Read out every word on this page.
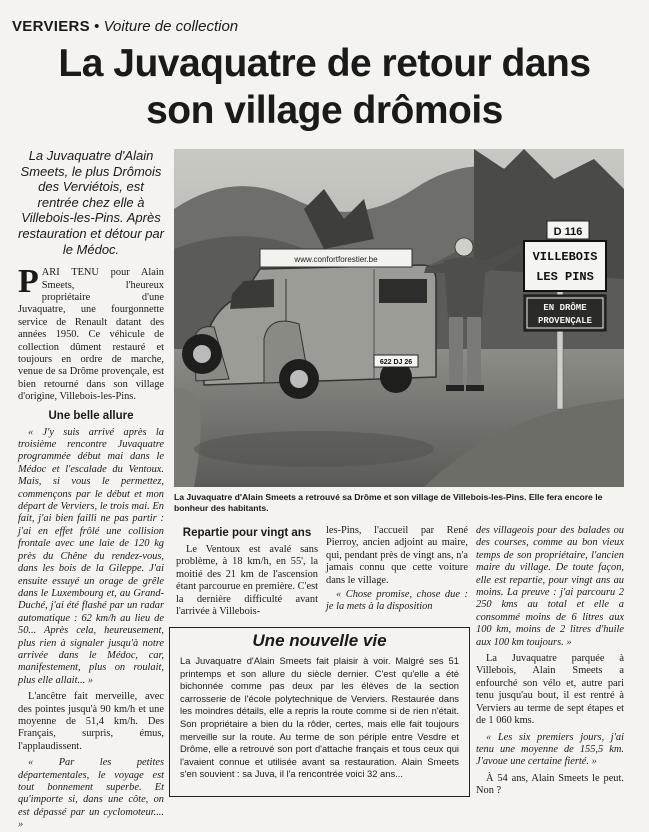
VERVIERS • Voiture de collection
La Juvaquatre de retour dans son village drômois

La Juvaquatre d'Alain Smeets, le plus Drômois des Verviétois, est rentrée chez elle à Villebois-les-Pins. Après restauration et détour par le Médoc.

PARI TENU pour Alain Smeets, l'heureux propriétaire d'une Juvaquatre, une fourgonnette service de Renault datant des années 1950. Ce véhicule de collection dûment restauré et toujours en ordre de marche, venue de sa Drôme provençale, est bien retourné dans son village d'origine, Villebois-les-Pins.

Une belle allure

« J'y suis arrivé après la troisième rencontre Juvaquatre programmée début mai dans le Médoc et l'escalade du Ventoux. Mais, si vous le permettez, commençons par le début et mon départ de Verviers, le trois mai. En fait, j'ai bien failli ne pas partir : j'ai en effet frôlé une collision frontale avec une laie de 120 kg près du Chêne du rendez-vous, dans les bois de la Gileppe. J'ai ensuite essuyé un orage de grêle dans le Luxembourg et, au Grand-Duché, j'ai été flashé par un radar automatique : 62 km/h au lieu de 50... Après cela, heureusement, plus rien à signaler jusqu'à notre arrivée dans le Médoc, car, manifestement, plus on roulait, plus elle allait... »

L'ancêtre fait merveille, avec des pointes jusqu'à 90 km/h et une moyenne de 51,4 km/h. Des Français, surpris, émus, l'applaudissent.

« Par les petites départementales, le voyage est tout bonnement superbe. Et qu'importe si, dans une côte, on est dépassé par un cyclomoteur.... »

www.confortforestier.be
622 DJ 26
D 116
VILLEBOIS
LES PINS
EN DRÔME
PROVENÇALE
La Juvaquatre d'Alain Smeets a retrouvé sa Drôme et son village de Villebois-les-Pins. Elle fera encore le bonheur des habitants.
Repartie pour vingt ans

Le Ventoux est avalé sans problème, à 18 km/h, en 55', la moitié des 21 km de l'ascension étant parcourue en première. C'est la dernière difficulté avant l'arrivée à Villebois-

les-Pins, l'accueil par René Pierroy, ancien adjoint au maire, qui, pendant près de vingt ans, n'a jamais connu que cette voiture dans le village.

« Chose promise, chose due : je la mets à la disposition

des villageois pour des balades ou des courses, comme au bon vieux temps de son propriétaire, l'ancien maire du village. De toute façon, elle est repartie, pour vingt ans au moins. La preuve : j'ai parcouru 2 250 kms au total et elle a consommé moins de 6 litres aux 100 km, moins de 2 litres d'huile aux 100 km toujours. »

La Juvaquatre parquée à Villebois, Alain Smeets a enfourché son vélo et, autre pari tenu jusqu'au bout, il est rentré à Verviers au terme de sept étapes et de 1 060 kms.

« Les six premiers jours, j'ai tenu une moyenne de 155,5 km. J'avoue une certaine fierté. »

À 54 ans, Alain Smeets le peut. Non ?

Une nouvelle vie

La Juvaquatre d'Alain Smeets fait plaisir à voir. Malgré ses 51 printemps et son allure du siècle dernier. C'est qu'elle a été bichonnée comme pas deux par les élèves de la section carrosserie de l'école polytechnique de Verviers. Restaurée dans les moindres détails, elle a repris la route comme si de rien n'était. Son propriétaire a bien du la rôder, certes, mais elle fait toujours merveille sur la route. Au terme de son périple entre Vesdre et Drôme, elle a retrouvé son port d'attache français et tous ceux qui l'avaient connue et utilisée avant sa restauration. Alain Smeets s'en souvient : sa Juva, il l'a rencontrée voici 32 ans...
